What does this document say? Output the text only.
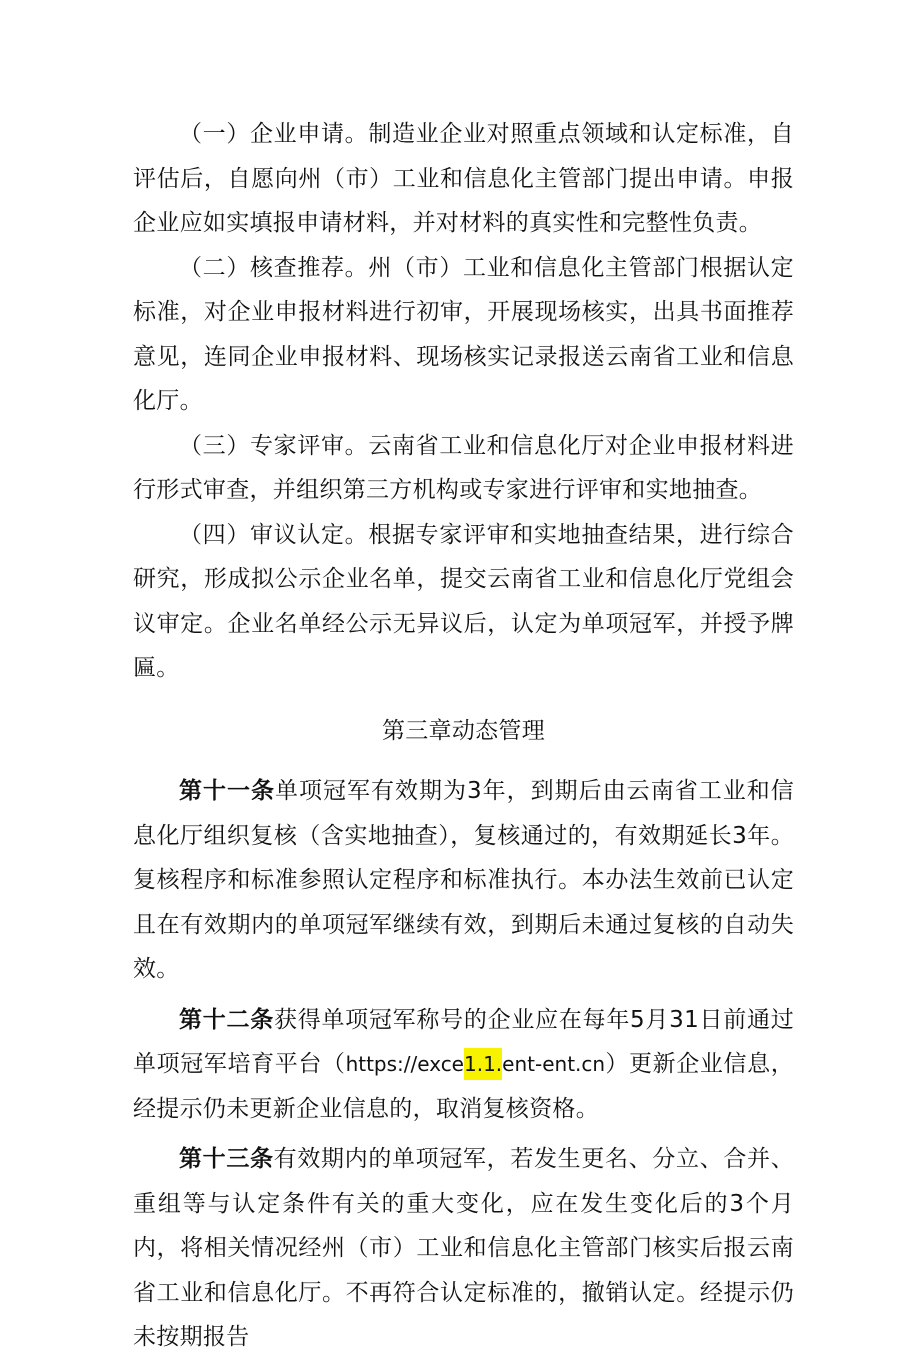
（一）企业申请。制造业企业对照重点领域和认定标准，自评估后，自愿向州（市）工业和信息化主管部门提出申请。申报企业应如实填报申请材料，并对材料的真实性和完整性负责。

（二）核查推荐。州（市）工业和信息化主管部门根据认定标准，对企业申报材料进行初审，开展现场核实，出具书面推荐意见，连同企业申报材料、现场核实记录报送云南省工业和信息化厅。

（三）专家评审。云南省工业和信息化厅对企业申报材料进行形式审查，并组织第三方机构或专家进行评审和实地抽查。

（四）审议认定。根据专家评审和实地抽查结果，进行综合研究，形成拟公示企业名单，提交云南省工业和信息化厅党组会议审定。企业名单经公示无异议后，认定为单项冠军，并授予牌匾。

第三章动态管理

第十一条单项冠军有效期为3年，到期后由云南省工业和信息化厅组织复核（含实地抽查），复核通过的，有效期延长3年。复核程序和标准参照认定程序和标准执行。本办法生效前已认定且在有效期内的单项冠军继续有效，到期后未通过复核的自动失效。

第十二条获得单项冠军称号的企业应在每年5月31日前通过单项冠军培育平台（https://exce1.1.ent-ent.cn）更新企业信息，经提示仍未更新企业信息的，取消复核资格。

第十三条有效期内的单项冠军，若发生更名、分立、合并、重组等与认定条件有关的重大变化，应在发生变化后的3个月内，将相关情况经州（市）工业和信息化主管部门核实后报云南省工业和信息化厅。不再符合认定标准的，撤销认定。经提示仍未按期报告
